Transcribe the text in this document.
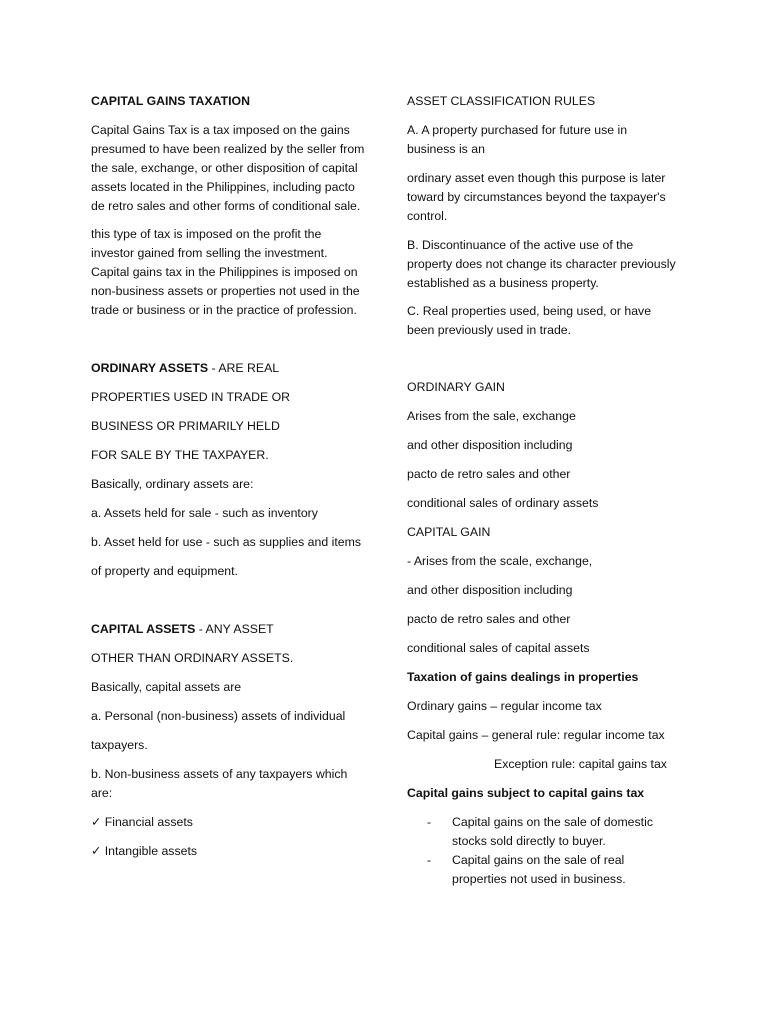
CAPITAL GAINS TAXATION

Capital Gains Tax is a tax imposed on the gains presumed to have been realized by the seller from the sale, exchange, or other disposition of capital assets located in the Philippines, including pacto de retro sales and other forms of conditional sale.

this type of tax is imposed on the profit the investor gained from selling the investment. Capital gains tax in the Philippines is imposed on non-business assets or properties not used in the trade or business or in the practice of profession.

ORDINARY ASSETS - ARE REAL

PROPERTIES USED IN TRADE OR

BUSINESS OR PRIMARILY HELD

FOR SALE BY THE TAXPAYER.

Basically, ordinary assets are:

a. Assets held for sale - such as inventory

b. Asset held for use - such as supplies and items

of property and equipment.

CAPITAL ASSETS - ANY ASSET

OTHER THAN ORDINARY ASSETS.

Basically, capital assets are

a. Personal (non-business) assets of individual

taxpayers.

b. Non-business assets of any taxpayers which are:

✓ Financial assets

✓ Intangible assets

ASSET CLASSIFICATION RULES

A. A property purchased for future use in business is an

ordinary asset even though this purpose is later toward by circumstances beyond the taxpayer's control.

B. Discontinuance of the active use of the property does not change its character previously established as a business property.

C. Real properties used, being used, or have been previously used in trade.

ORDINARY GAIN

Arises from the sale, exchange

and other disposition including

pacto de retro sales and other

conditional sales of ordinary assets

CAPITAL GAIN

- Arises from the scale, exchange,

and other disposition including

pacto de retro sales and other

conditional sales of capital assets

Taxation of gains dealings in properties

Ordinary gains – regular income tax

Capital gains – general rule: regular income tax

Exception rule: capital gains tax

Capital gains subject to capital gains tax

- Capital gains on the sale of domestic stocks sold directly to buyer.
- Capital gains on the sale of real properties not used in business.
